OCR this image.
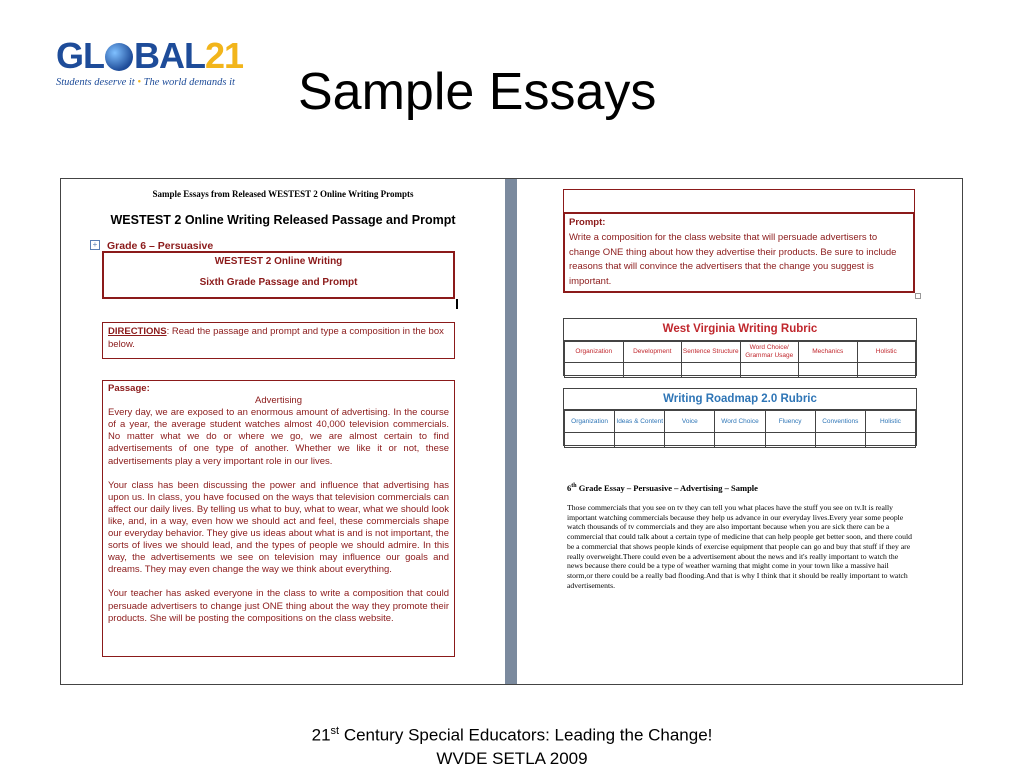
GL BAL21
Students deserve it • The world demands it	Sample Essays
Sample Essays from Released WESTEST 2 Online Writing Prompts
WESTEST 2 Online Writing Released Passage and Prompt
+ Grade 6 – Persuasive
WESTEST 2 Online Writing
Sixth Grade Passage and Prompt
DIRECTIONS: Read the passage and prompt and type a composition in the box below.
Passage:
Advertising

Every day, we are exposed to an enormous amount of advertising. In the course of a year, the average student watches almost 40,000 television commercials. No matter what we do or where we go, we are almost certain to find advertisements of one type of another. Whether we like it or not, these advertisements play a very important role in our lives.

Your class has been discussing the power and influence that advertising has upon us. In class, you have focused on the ways that television commercials can affect our daily lives. By telling us what to buy, what to wear, what we should look like, and, in a way, even how we should act and feel, these commercials shape our everyday behavior. They give us ideas about what is and is not important, the sorts of lives we should lead, and the types of people we should admire. In this way, the advertisements we see on television may influence our goals and dreams. They may even change the way we think about everything.

Your teacher has asked everyone in the class to write a composition that could persuade advertisers to change just ONE thing about the way they promote their products. She will be posting the compositions on the class website.

Prompt:
Write a composition for the class website that will persuade advertisers to change ONE thing about how they advertise their products. Be sure to include reasons that will convince the advertisers that the change you suggest is important.
West Virginia Writing Rubric
Organization	Development	Sentence Structure	Word Choice/ Grammar Usage	Mechanics	Holistic

Writing Roadmap 2.0 Rubric
Organization	Ideas & Content	Voice	Word Choice	Fluency	Conventions	Holistic

6th Grade Essay – Persuasive – Advertising – Sample

Those commercials that you see on tv they can tell you what places have the stuff you see on tv.It is really important watching commercials because they help us advance in our everyday lives.Every year some people watch thousands of tv commercials and they are also important because when you are sick there can be a commercial that could talk about a certain type of medicine that can help people get better soon, and there could be a commercial that shows people kinds of exercise equipment that people can go and buy that stuff if they are really overweight.There could even be a advertisement about the news and it's really important to watch the news because there could be a type of weather warning that might come in your town like a massive hail storm,or there could be a really bad flooding.And that is why I think that it should be really important to watch advertisements.

21st Century Special Educators: Leading the Change!
WVDE SETLA 2009
